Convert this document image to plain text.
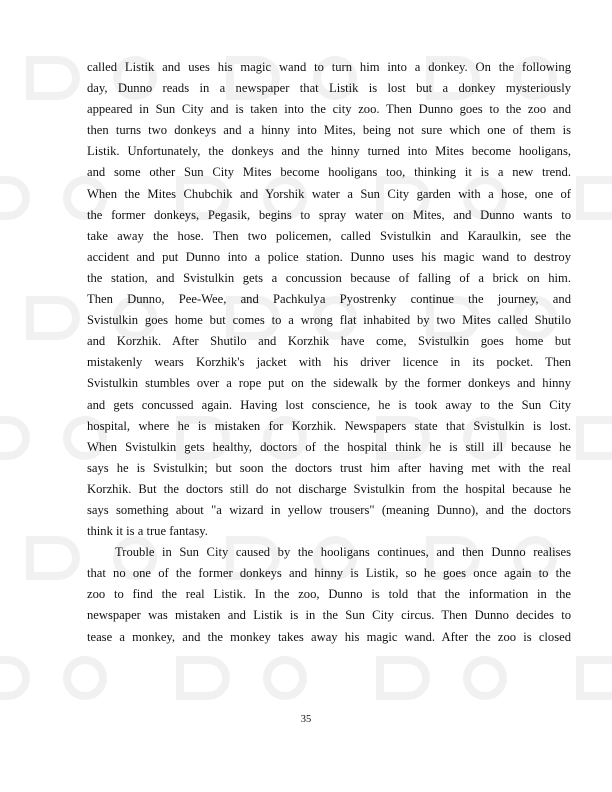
called Listik and uses his magic wand to turn him into a donkey. On the following
day, Dunno reads in a newspaper that Listik is lost but a donkey mysteriously
appeared in Sun City and is taken into the city zoo. Then Dunno goes to the zoo and
then turns two donkeys and a hinny into Mites, being not sure which one of them is
Listik. Unfortunately, the donkeys and the hinny turned into Mites become hooligans,
and some other Sun City Mites become hooligans too, thinking it is a new trend.
When the Mites Chubchik and Yorshik water a Sun City garden with a hose, one of
the former donkeys, Pegasik, begins to spray water on Mites, and Dunno wants to
take away the hose. Then two policemen, called Svistulkin and Karaulkin, see the
accident and put Dunno into a police station. Dunno uses his magic wand to destroy
the station, and Svistulkin gets a concussion because of falling of a brick on him.
Then Dunno, Pee-Wee, and Pachkulya Pyostrenky continue the journey, and
Svistulkin goes home but comes to a wrong flat inhabited by two Mites called Shutilo
and Korzhik. After Shutilo and Korzhik have come, Svistulkin goes home but
mistakenly wears Korzhik's jacket with his driver licence in its pocket. Then
Svistulkin stumbles over a rope put on the sidewalk by the former donkeys and hinny
and gets concussed again. Having lost conscience, he is took away to the Sun City
hospital, where he is mistaken for Korzhik. Newspapers state that Svistulkin is lost.
When Svistulkin gets healthy, doctors of the hospital think he is still ill because he
says he is Svistulkin; but soon the doctors trust him after having met with the real
Korzhik. But the doctors still do not discharge Svistulkin from the hospital because he
says something about "a wizard in yellow trousers" (meaning Dunno), and the doctors
think it is a true fantasy.
Trouble in Sun City caused by the hooligans continues, and then Dunno realises
that no one of the former donkeys and hinny is Listik, so he goes once again to the
zoo to find the real Listik. In the zoo, Dunno is told that the information in the
newspaper was mistaken and Listik is in the Sun City circus. Then Dunno decides to
tease a monkey, and the monkey takes away his magic wand. After the zoo is closed
35
